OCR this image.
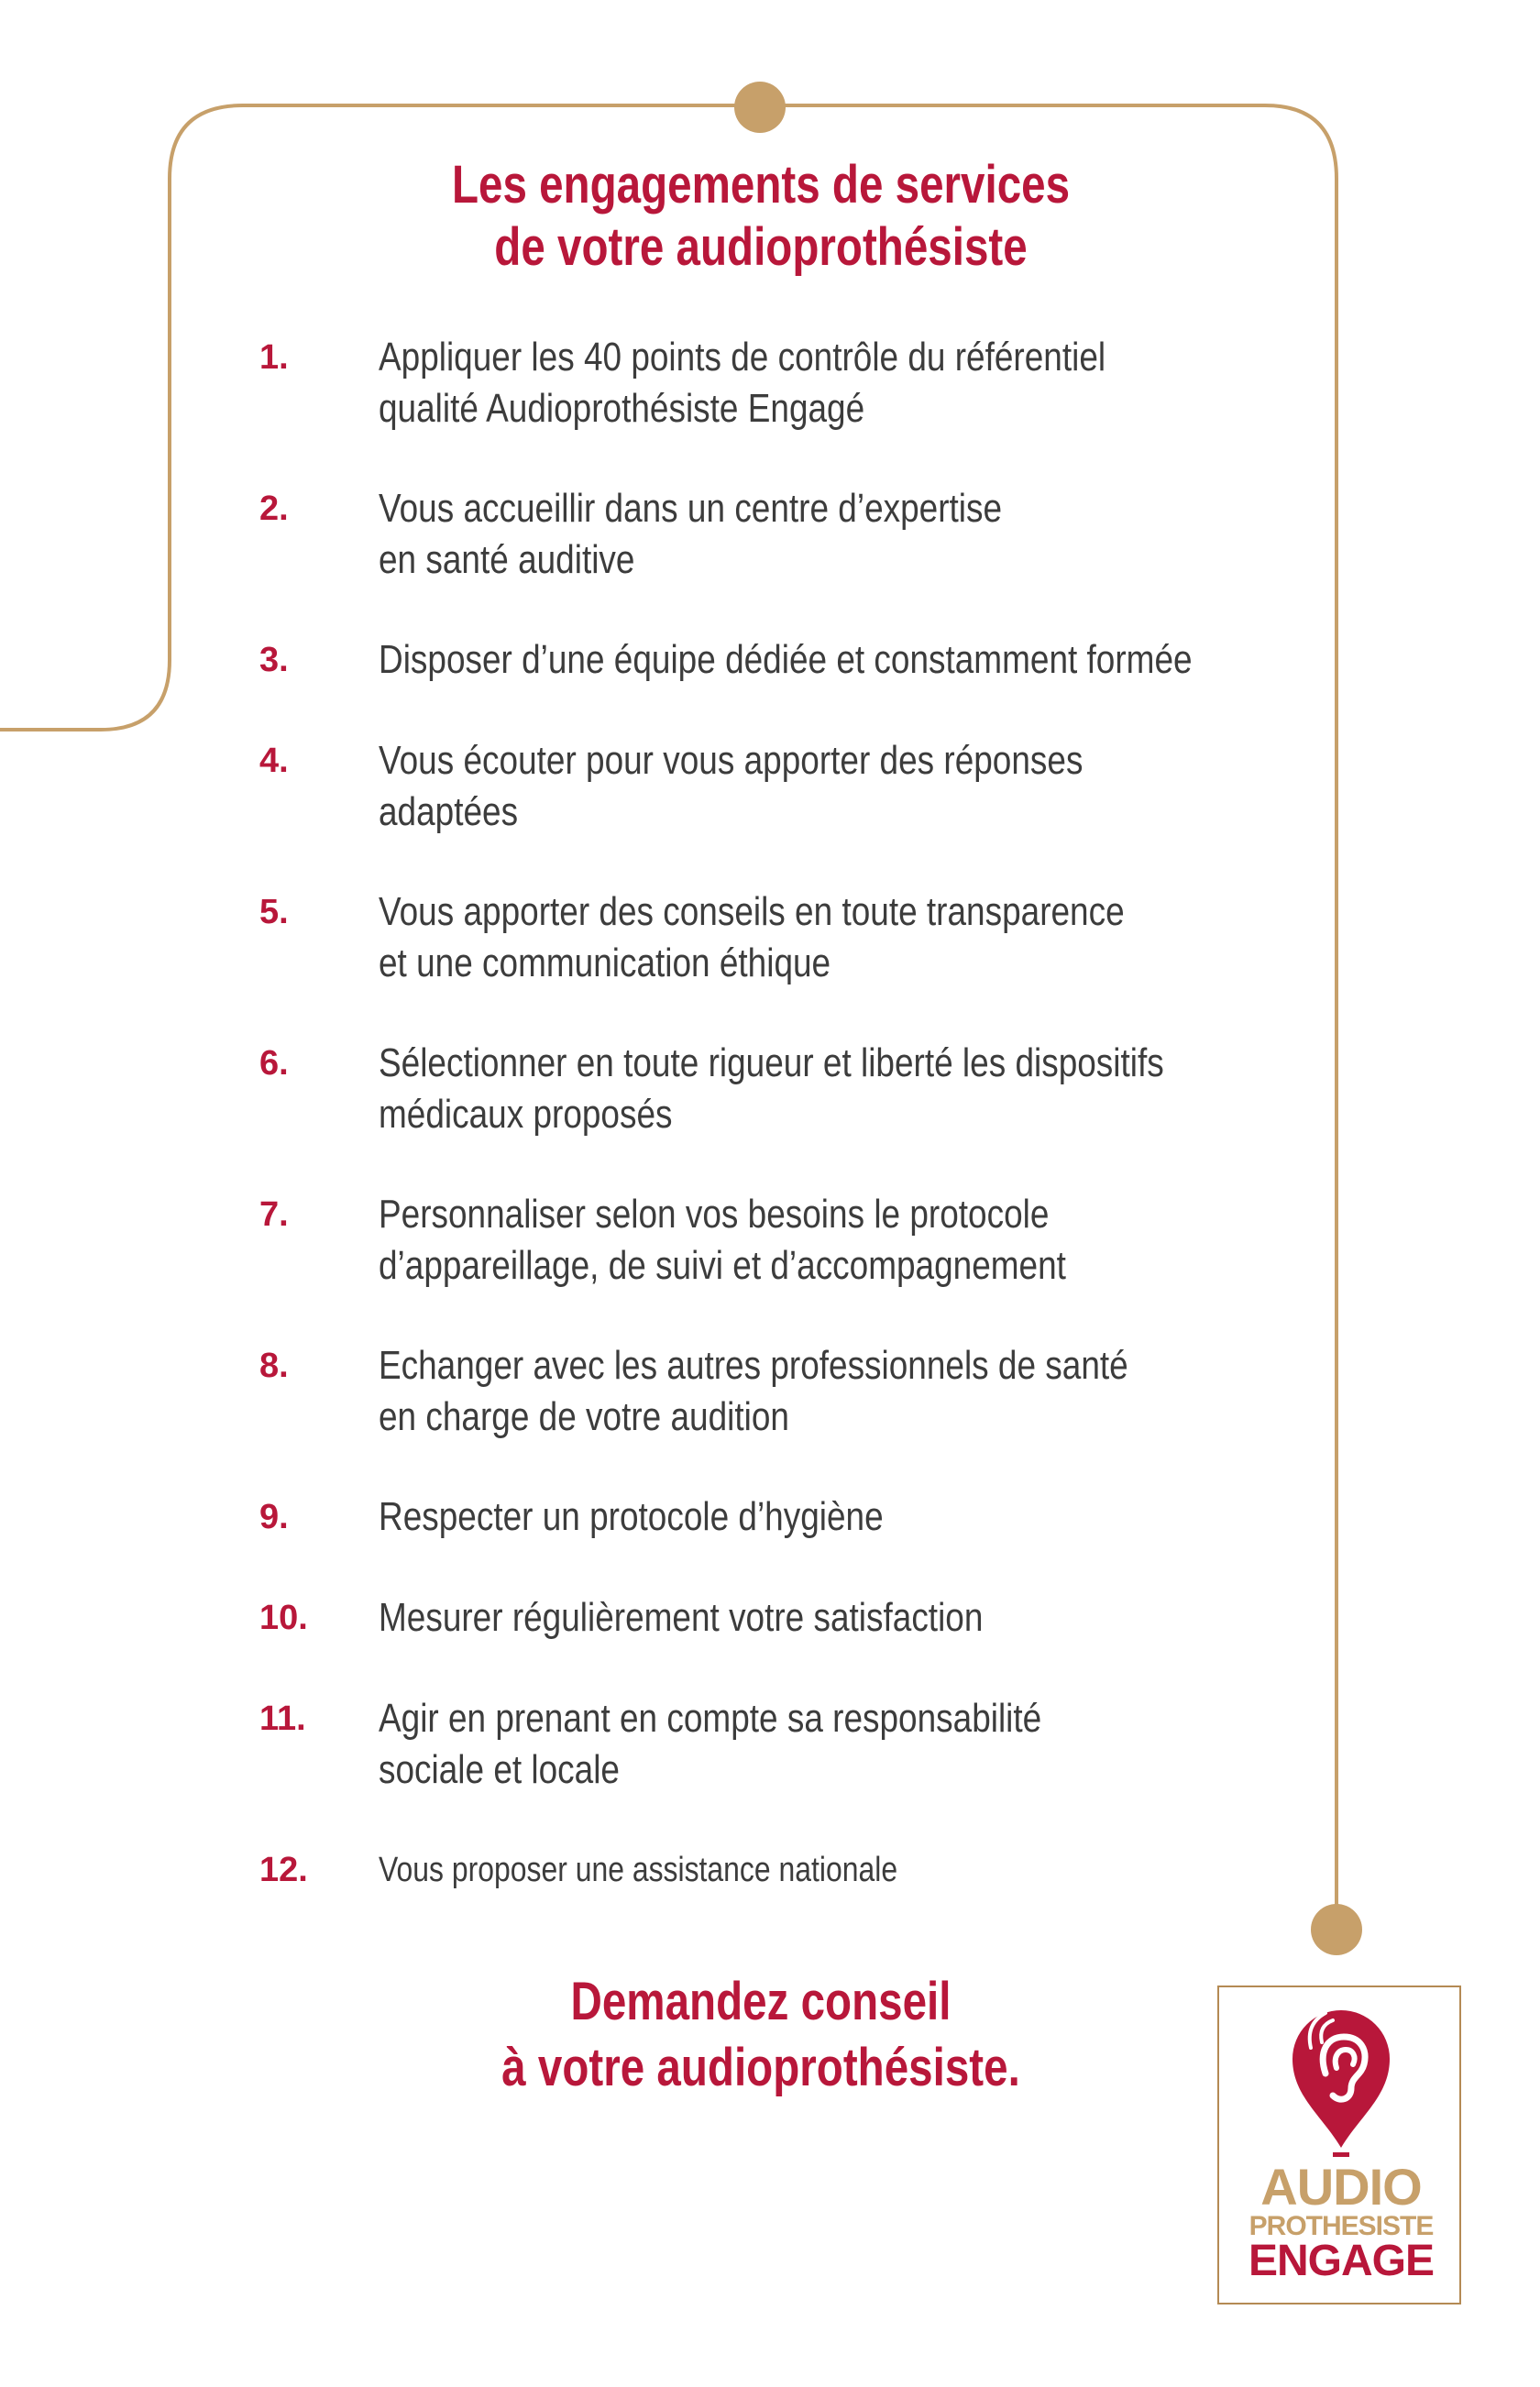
Les engagements de services
de votre audioprothésiste
1.	Appliquer les 40 points de contrôle du référentiel
qualité Audioprothésiste Engagé
2.	Vous accueillir dans un centre d’expertise
en santé auditive
3.	Disposer d’une équipe dédiée et constamment formée
4.	Vous écouter pour vous apporter des réponses
adaptées
5.	Vous apporter des conseils en toute transparence
et une communication éthique
6.	Sélectionner en toute rigueur et liberté les dispositifs
médicaux proposés
7.	Personnaliser selon vos besoins le protocole
d’appareillage, de suivi et d’accompagnement
8.	Echanger avec les autres professionnels de santé
en charge de votre audition
9.	Respecter un protocole d’hygiène
10.	Mesurer régulièrement votre satisfaction
11.	Agir en prenant en compte sa responsabilité
sociale et locale
12.	Vous proposer une assistance nationale
Demandez conseil
à votre audioprothésiste.
AUDIO
PROTHESISTE
ENGAGE
